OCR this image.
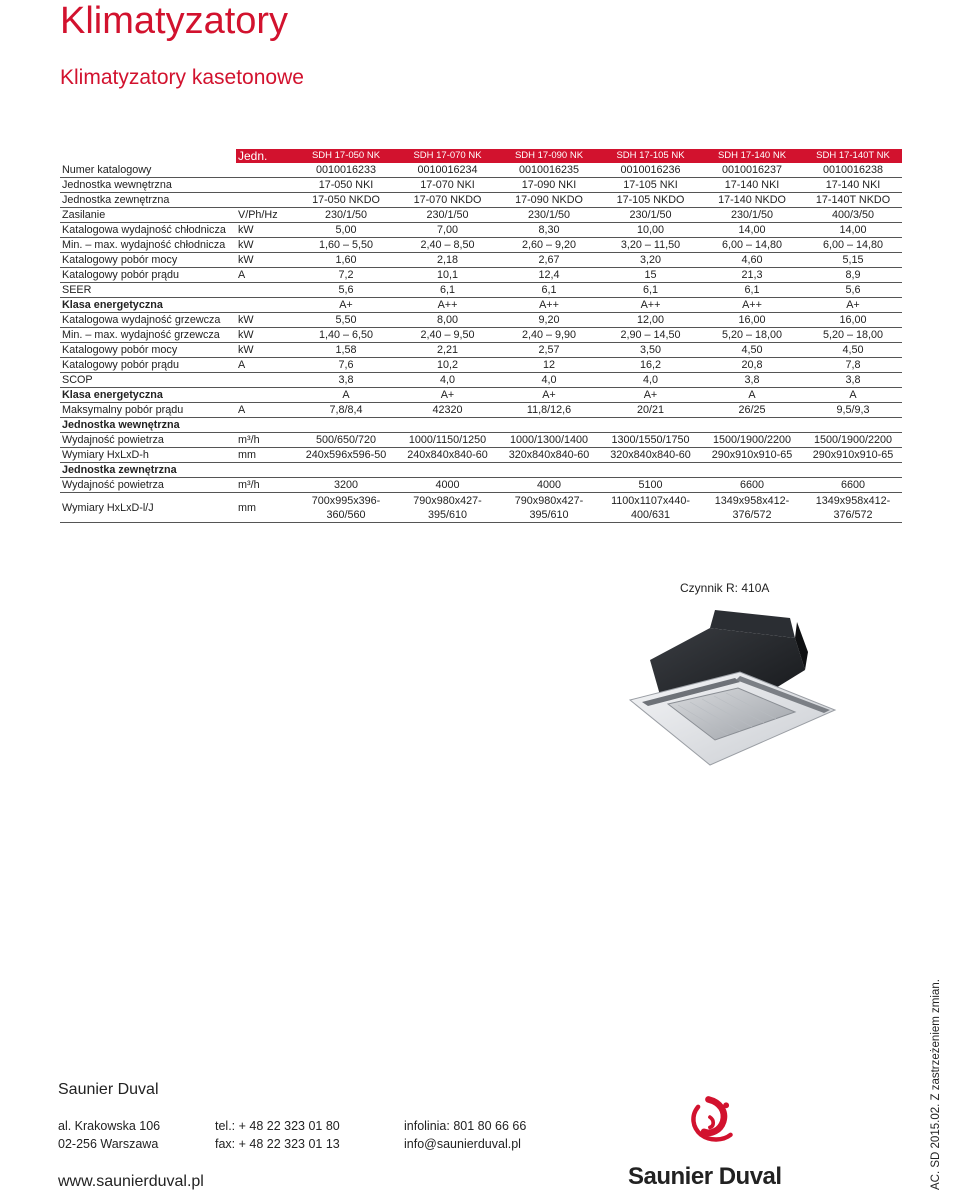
Klimatyzatory
Klimatyzatory kasetonowe
	Jedn.	SDH 17-050 NK	SDH 17-070 NK	SDH 17-090 NK	SDH 17-105 NK	SDH 17-140 NK	SDH 17-140T NK
Numer katalogowy		0010016233	0010016234	0010016235	0010016236	0010016237	0010016238
Jednostka wewnętrzna		17-050 NKI	17-070 NKI	17-090 NKI	17-105 NKI	17-140 NKI	17-140 NKI
Jednostka zewnętrzna		17-050 NKDO	17-070 NKDO	17-090 NKDO	17-105 NKDO	17-140 NKDO	17-140T NKDO
Zasilanie	V/Ph/Hz	230/1/50	230/1/50	230/1/50	230/1/50	230/1/50	400/3/50
Katalogowa wydajność chłodnicza	kW	5,00	7,00	8,30	10,00	14,00	14,00
Min. – max. wydajność chłodnicza	kW	1,60 – 5,50	2,40 – 8,50	2,60 – 9,20	3,20 – 11,50	6,00 – 14,80	6,00 – 14,80
Katalogowy pobór mocy	kW	1,60	2,18	2,67	3,20	4,60	5,15
Katalogowy pobór prądu	A	7,2	10,1	12,4	15	21,3	8,9
SEER		5,6	6,1	6,1	6,1	6,1	5,6
Klasa energetyczna		A+	A++	A++	A++	A++	A+
Katalogowa wydajność grzewcza	kW	5,50	8,00	9,20	12,00	16,00	16,00
Min. – max. wydajność grzewcza	kW	1,40 – 6,50	2,40 – 9,50	2,40 – 9,90	2,90 – 14,50	5,20 – 18,00	5,20 – 18,00
Katalogowy pobór mocy	kW	1,58	2,21	2,57	3,50	4,50	4,50
Katalogowy pobór prądu	A	7,6	10,2	12	16,2	20,8	7,8
SCOP		3,8	4,0	4,0	4,0	3,8	3,8
Klasa energetyczna		A	A+	A+	A+	A	A
Maksymalny pobór prądu	A	7,8/8,4	42320	11,8/12,6	20/21	26/25	9,5/9,3
Jednostka wewnętrzna							
Wydajność powietrza	m³/h	500/650/720	1000/1150/1250	1000/1300/1400	1300/1550/1750	1500/1900/2200	1500/1900/2200
Wymiary HxLxD-h	mm	240x596x596-50	240x840x840-60	320x840x840-60	320x840x840-60	290x910x910-65	290x910x910-65
Jednostka zewnętrzna							
Wydajność powietrza	m³/h	3200	4000	4000	5100	6600	6600
Wymiary HxLxD-l/J	mm	700x995x396-360/560	790x980x427-395/610	790x980x427-395/610	1100x1107x440-400/631	1349x958x412-376/572	1349x958x412-376/572
Czynnik R: 410A
Saunier Duval
al. Krakowska 106
02-256 Warszawa
tel.: + 48 22 323 01 80
fax: + 48 22 323 01 13
infolinia: 801 80 66 66
info@saunierduval.pl
www.saunierduval.pl	Saunier Duval	AC. SD 2015.02. Z zastrzeżeniem zmian.
